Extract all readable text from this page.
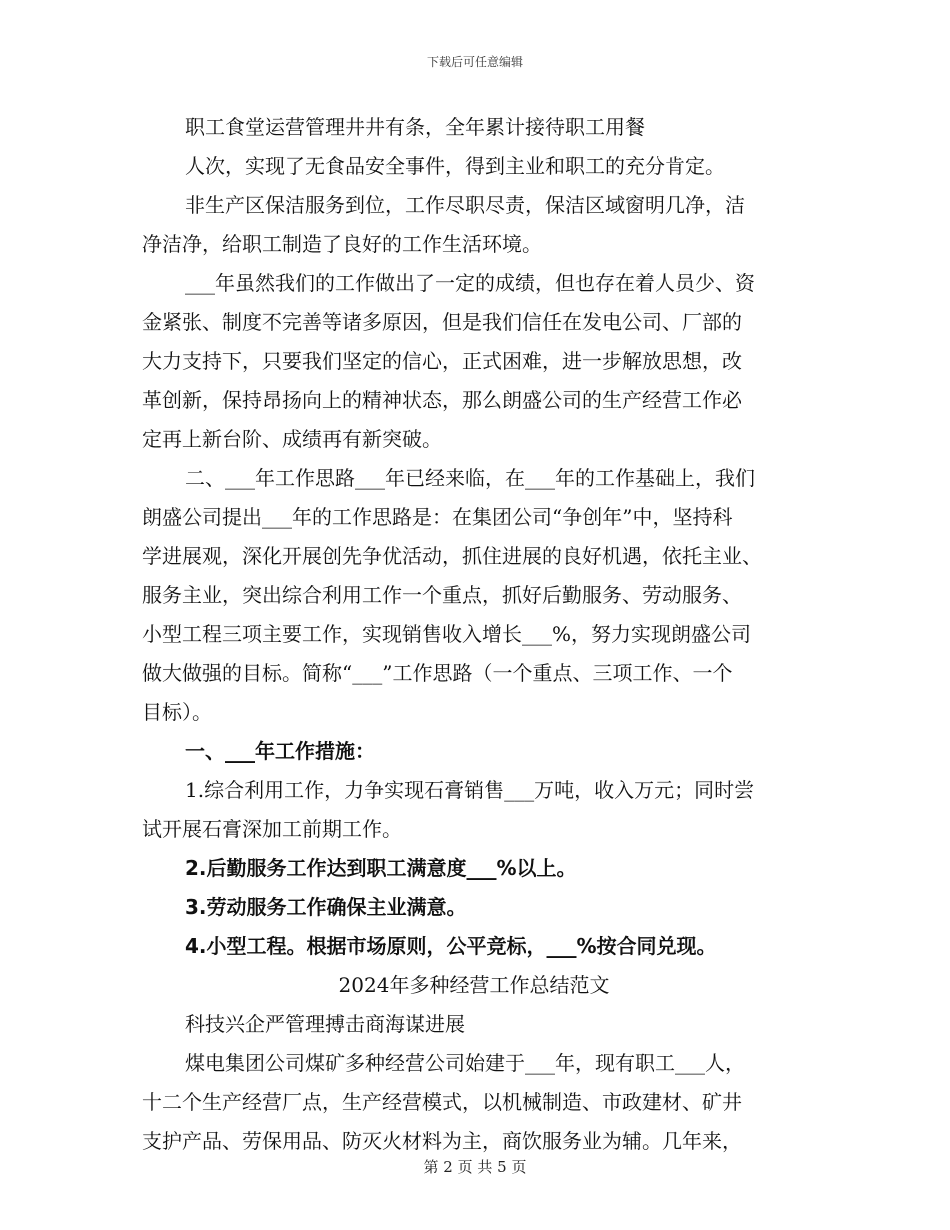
下载后可任意编辑
职工食堂运营管理井井有条，全年累计接待职工用餐
人次，实现了无食品安全事件，得到主业和职工的充分肯定。
非生产区保洁服务到位，工作尽职尽责，保洁区域窗明几净，洁
净洁净，给职工制造了良好的工作生活环境。
___年虽然我们的工作做出了一定的成绩，但也存在着人员少、资
金紧张、制度不完善等诸多原因，但是我们信任在发电公司、厂部的
大力支持下，只要我们坚定的信心，正式困难，进一步解放思想，改
革创新，保持昂扬向上的精神状态，那么朗盛公司的生产经营工作必
定再上新台阶、成绩再有新突破。
二、___年工作思路___年已经来临，在___年的工作基础上，我们
朗盛公司提出___年的工作思路是：在集团公司“争创年”中，坚持科
学进展观，深化开展创先争优活动，抓住进展的良好机遇，依托主业、
服务主业，突出综合利用工作一个重点，抓好后勤服务、劳动服务、
小型工程三项主要工作，实现销售收入增长___%，努力实现朗盛公司
做大做强的目标。简称“___”工作思路（一个重点、三项工作、一个
目标）。
一、___年工作措施：
1.综合利用工作，力争实现石膏销售___万吨，收入万元；同时尝
试开展石膏深加工前期工作。
2.后勤服务工作达到职工满意度___%以上。
3.劳动服务工作确保主业满意。
4.小型工程。根据市场原则，公平竞标，___%按合同兑现。
2024年多种经营工作总结范文
科技兴企严管理搏击商海谋进展
煤电集团公司煤矿多种经营公司始建于___年，现有职工___人，
十二个生产经营厂点，生产经营模式，以机械制造、市政建材、矿井
支护产品、劳保用品、防灭火材料为主，商饮服务业为辅。几年来，
第 2 页 共 5 页
